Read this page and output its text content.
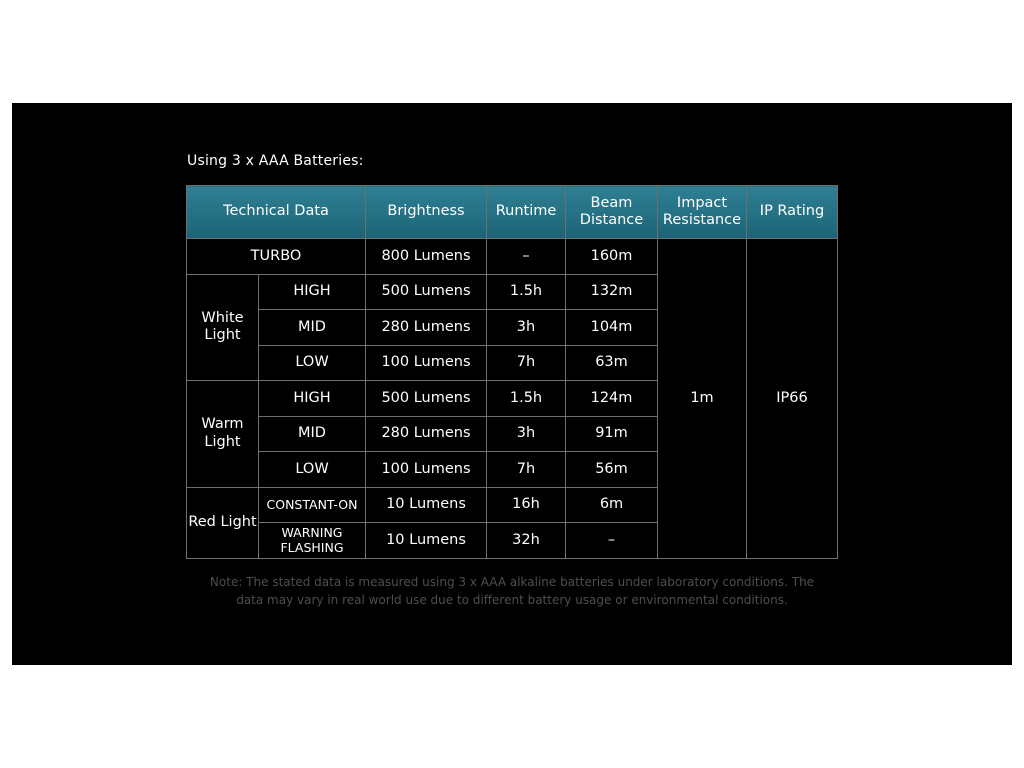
Using 3 x AAA Batteries:
Technical Data		Brightness	Runtime	Beam Distance	Impact Resistance	IP Rating
TURBO		800 Lumens	–	160m	1m	IP66
White Light	HIGH	500 Lumens	1.5h	132m		
	MID	280 Lumens	3h	104m		
	LOW	100 Lumens	7h	63m		
Warm Light	HIGH	500 Lumens	1.5h	124m		
	MID	280 Lumens	3h	91m		
	LOW	100 Lumens	7h	56m		
Red Light	CONSTANT-ON	10 Lumens	16h	6m		
	WARNING FLASHING	10 Lumens	32h	–		
Note: The stated data is measured using 3 x AAA alkaline batteries under laboratory conditions. The
data may vary in real world use due to different battery usage or environmental conditions.
